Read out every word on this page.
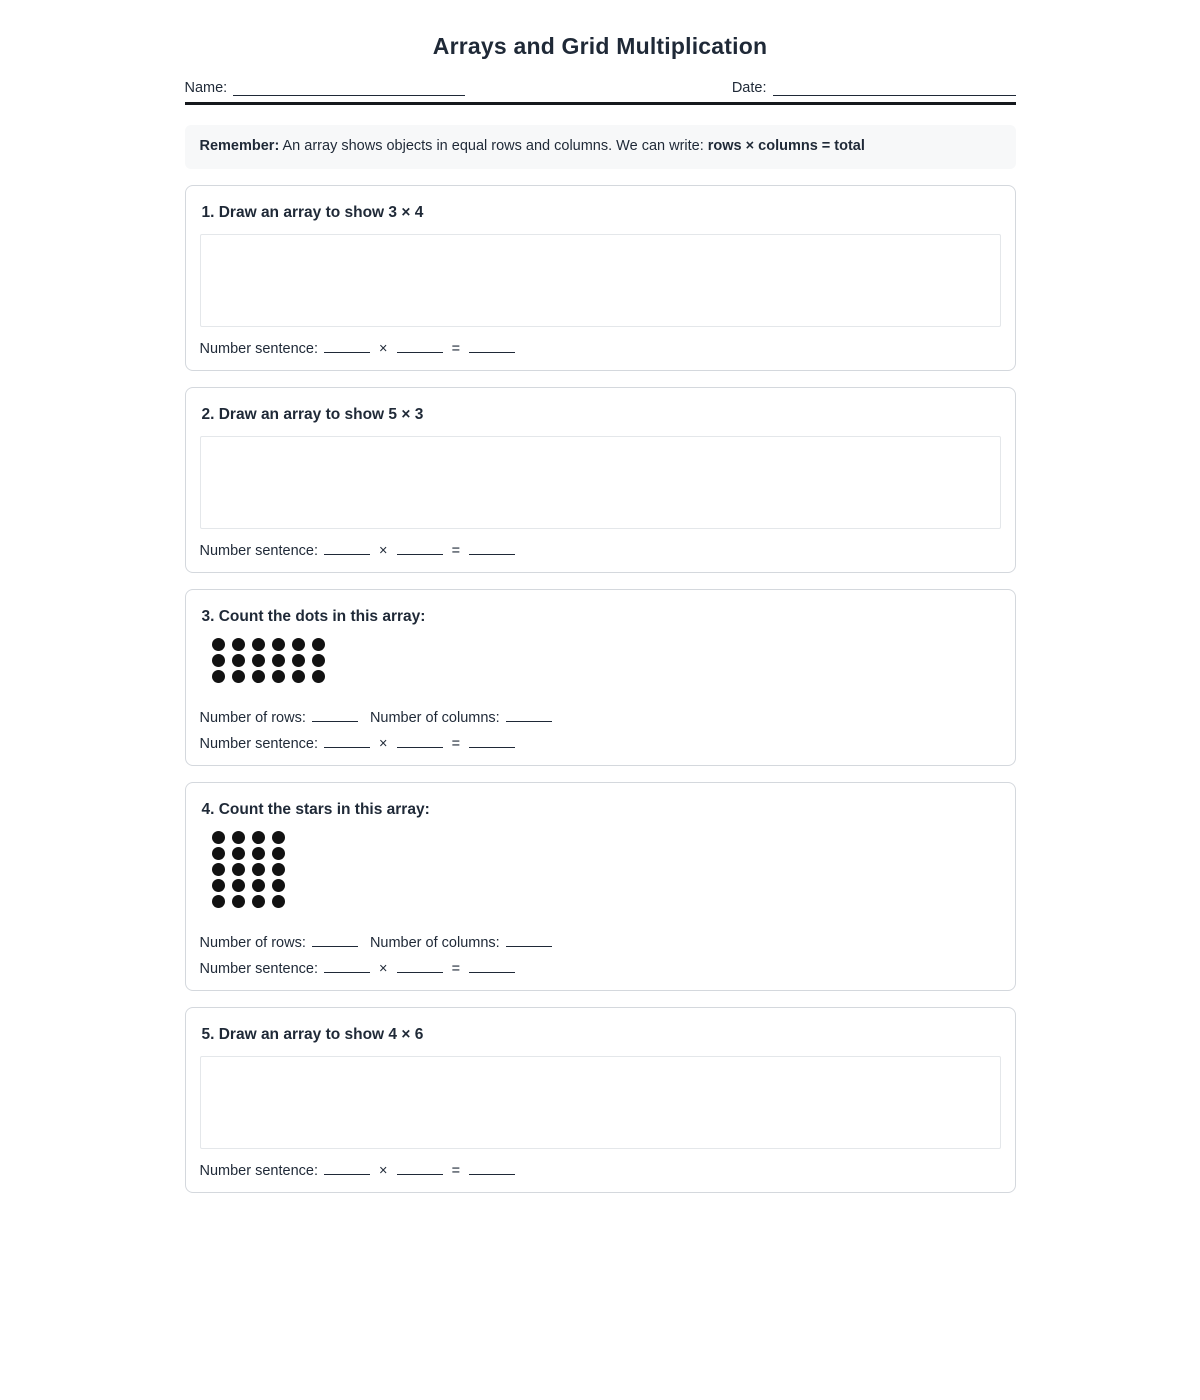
Arrays and Grid Multiplication
Name:	Date:
Remember: An array shows objects in equal rows and columns. We can write: rows × columns = total
1. Draw an array to show 3 × 4
Number sentence:	×	=
2. Draw an array to show 5 × 3
Number sentence:	×	=
3. Count the dots in this array:
Number of rows:	Number of columns:
Number sentence:	×	=
4. Count the stars in this array:
Number of rows:	Number of columns:
Number sentence:	×	=
5. Draw an array to show 4 × 6
Number sentence:	×	=
